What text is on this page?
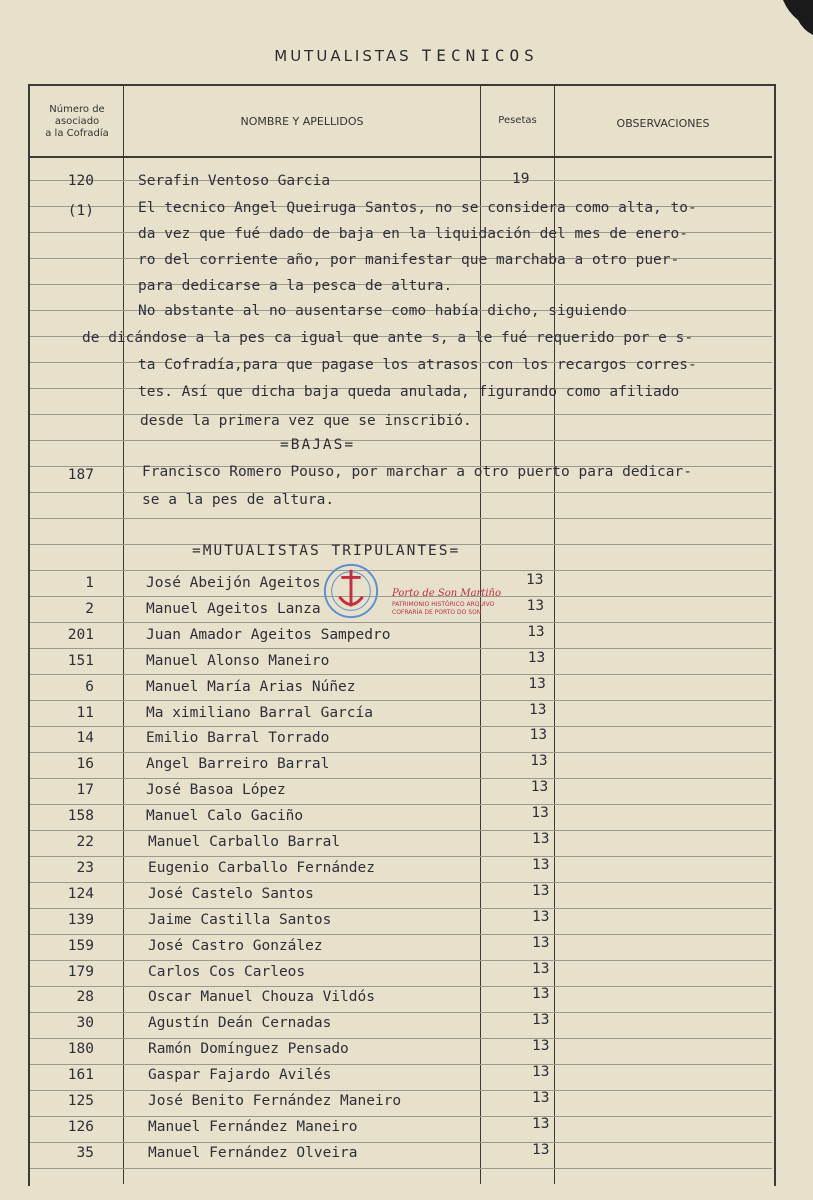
MUTUALISTAS TECNICOS
Número de
asociado
a la Cofradía
NOMBRE Y APELLIDOS	Pesetas	OBSERVACIONES
120	Serafin Ventoso Garcia	19
(1)	El tecnico Angel Queiruga Santos, no se considera como alta, to-
da vez que fué dado de baja en la liquidación del mes de enero-
ro del corriente año, por manifestar que marchaba a otro puer-
para dedicarse a la pesca de altura.
No abstante al no ausentarse como había dicho, siguiendo
de dicándose a la pes ca igual que ante s, a le fué requerido por e s-
ta Cofradía,para que pagase los atrasos con los recargos corres-
tes. Así que dicha baja queda anulada, figurando como afiliado
desde la primera vez que se inscribió.
=BAJAS=
187	Francisco Romero Pouso, por marchar a otro puerto para dedicar-
se a la pes de altura.
=MUTUALISTAS TRIPULANTES=
1	José Abeijón Ageitos	13
2	Manuel Ageitos Lanza	13
201	Juan Amador Ageitos Sampedro	13
151	Manuel Alonso Maneiro	13
6	Manuel María Arias Núñez	13
11	Ma ximiliano Barral García	13
14	Emilio Barral Torrado	13
16	Angel Barreiro Barral	13
17	José Basoa López	13
158	Manuel Calo Gaciño	13
22	Manuel Carballo Barral	13
23	Eugenio Carballo Fernández	13
124	José Castelo Santos	13
139	Jaime Castilla Santos	13
159	José Castro González	13
179	Carlos Cos Carleos	13
28	Oscar Manuel Chouza Vildós	13
30	Agustín Deán Cernadas	13
180	Ramón Domínguez Pensado	13
161	Gaspar Fajardo Avilés	13
125	José Benito Fernández Maneiro	13
126	Manuel Fernández Maneiro	13
35	Manuel Fernández Olveira	13
Porto de Son Martiño
PATRIMONIO HISTÓRICO ARQUIVO
COFRARÍA DE PORTO DO SON
